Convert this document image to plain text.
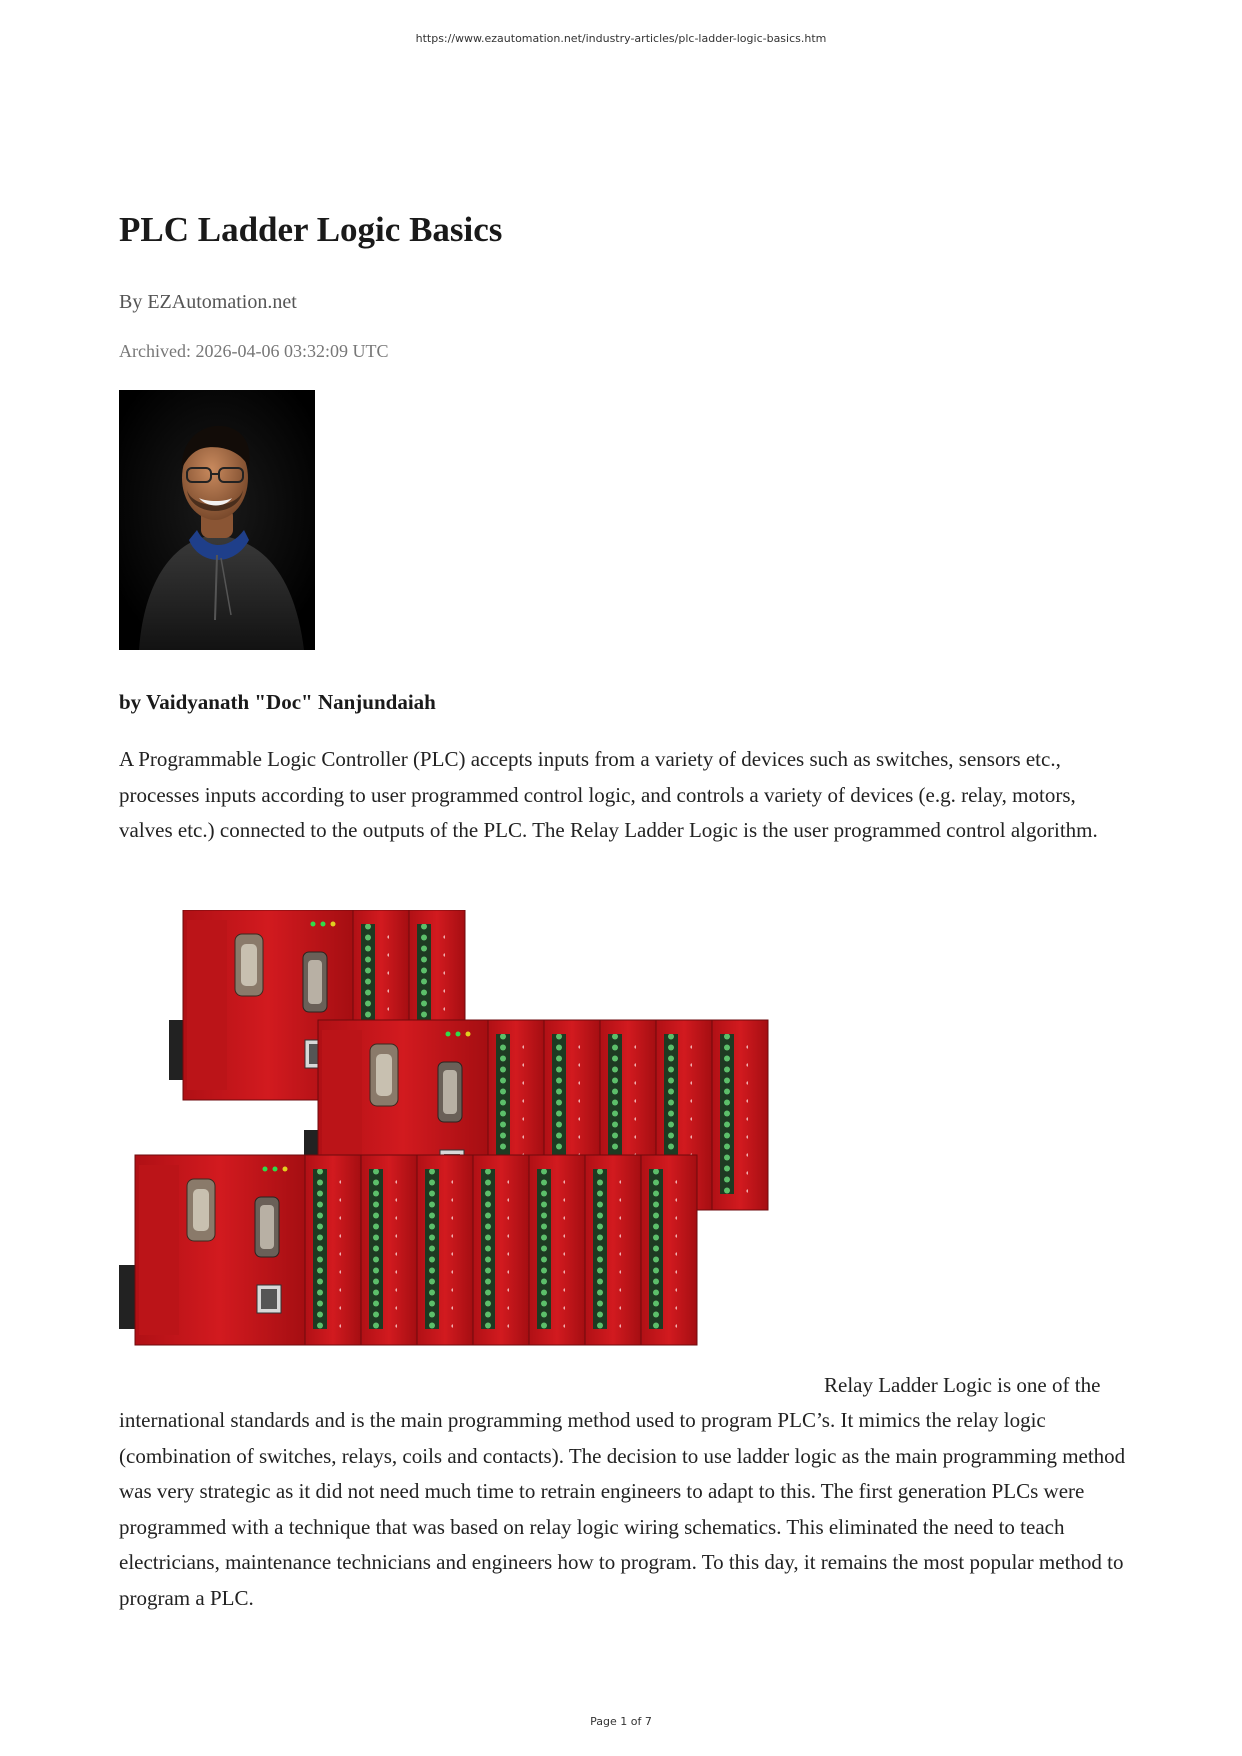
https://www.ezautomation.net/industry-articles/plc-ladder-logic-basics.htm
PLC Ladder Logic Basics
By EZAutomation.net
Archived: 2026-04-06 03:32:09 UTC
by Vaidyanath "Doc" Nanjundaiah

A Programmable Logic Controller (PLC) accepts inputs from a variety of devices such as switches, sensors etc., processes inputs according to user programmed control logic, and controls a variety of devices (e.g. relay, motors, valves etc.) connected to the outputs of the PLC. The Relay Ladder Logic is the user programmed control algorithm.

Relay Ladder Logic is one of the

international standards and is the main programming method used to program PLC’s. It mimics the relay logic (combination of switches, relays, coils and contacts). The decision to use ladder logic as the main programming method was very strategic as it did not need much time to retrain engineers to adapt to this. The first generation PLCs were programmed with a technique that was based on relay logic wiring schematics. This eliminated the need to teach electricians, maintenance technicians and engineers how to program. To this day, it remains the most popular method to program a PLC.

Page 1 of 7
